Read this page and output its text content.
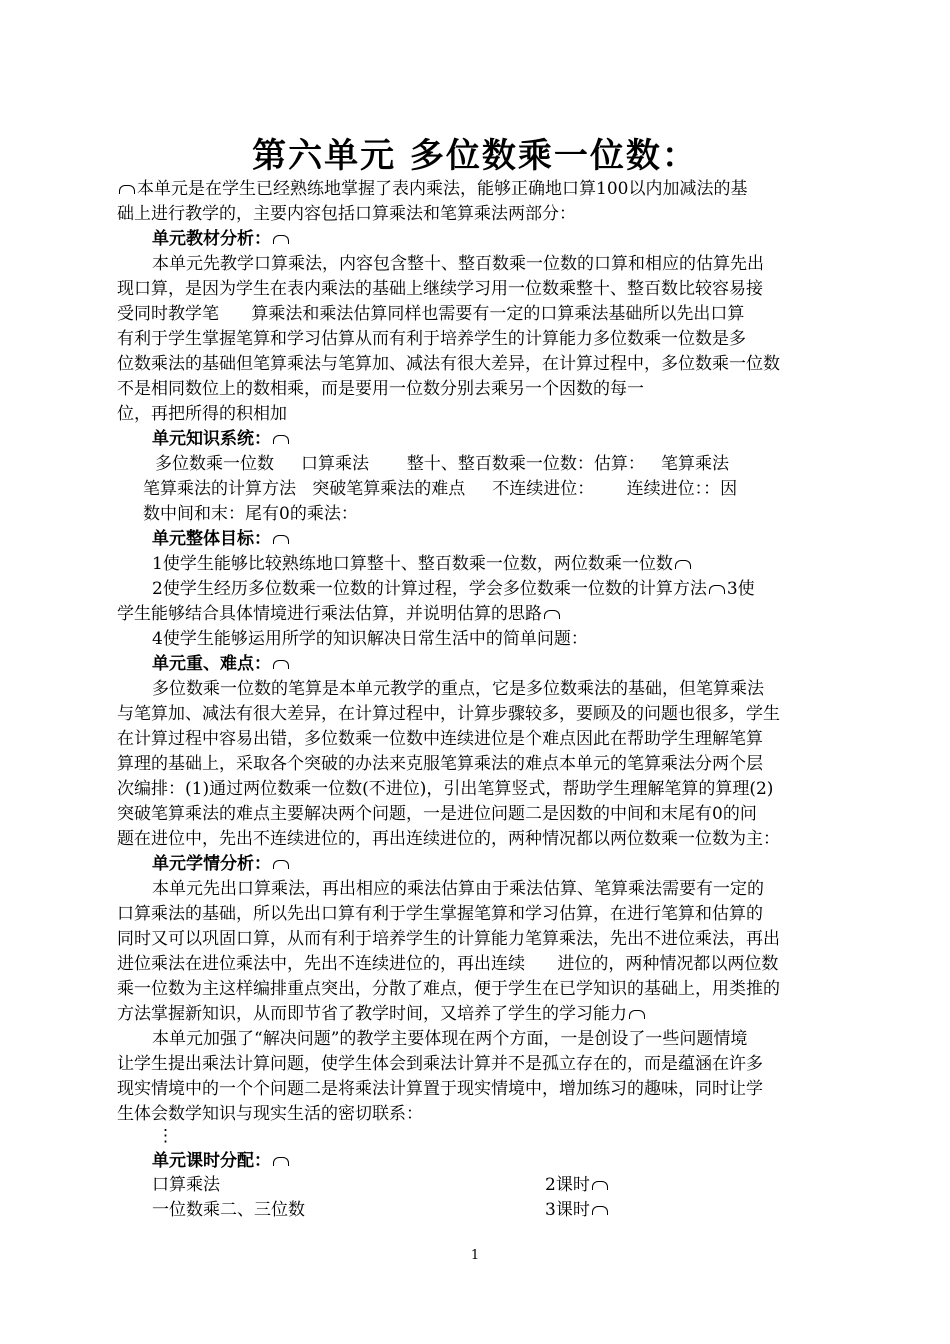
第六单元 多位数乘一位数：
本单元是在学生已经熟练地掌握了表内乘法，能够正确地口算100以内加减法的基
础上进行教学的，主要内容包括口算乘法和笔算乘法两部分：
单元教材分析：
本单元先教学口算乘法，内容包含整十、整百数乘一位数的口算和相应的估算先出
现口算，是因为学生在表内乘法的基础上继续学习用一位数乘整十、整百数比较容易接
受同时教学笔      算乘法和乘法估算同样也需要有一定的口算乘法基础所以先出口算
有利于学生掌握笔算和学习估算从而有利于培养学生的计算能力多位数乘一位数是多
位数乘法的基础但笔算乘法与笔算加、减法有很大差异，在计算过程中，多位数乘一位数
不是相同数位上的数相乘，而是要用一位数分别去乘另一个因数的每一
位，再把所得的积相加
单元知识系统：
多位数乘一位数     口算乘法       整十、整百数乘一位数：估算：   笔算乘法
笔算乘法的计算方法   突破笔算乘法的难点     不连续进位：      连续进位：：因
数中间和末：尾有0的乘法：
单元整体目标：
1使学生能够比较熟练地口算整十、整百数乘一位数，两位数乘一位数
2使学生经历多位数乘一位数的计算过程，学会多位数乘一位数的计算方法 3使
学生能够结合具体情境进行乘法估算，并说明估算的思路
4使学生能够运用所学的知识解决日常生活中的简单问题：
单元重、难点：
多位数乘一位数的笔算是本单元教学的重点，它是多位数乘法的基础，但笔算乘法
与笔算加、减法有很大差异，在计算过程中，计算步骤较多，要顾及的问题也很多，学生
在计算过程中容易出错，多位数乘一位数中连续进位是个难点因此在帮助学生理解笔算
算理的基础上，采取各个突破的办法来克服笔算乘法的难点本单元的笔算乘法分两个层
次编排：(1)通过两位数乘一位数(不进位)，引出笔算竖式，帮助学生理解笔算的算理(2)
突破笔算乘法的难点主要解决两个问题，一是进位问题二是因数的中间和末尾有0的问
题在进位中，先出不连续进位的，再出连续进位的，两种情况都以两位数乘一位数为主：
单元学情分析：
本单元先出口算乘法，再出相应的乘法估算由于乘法估算、笔算乘法需要有一定的
口算乘法的基础，所以先出口算有利于学生掌握笔算和学习估算，在进行笔算和估算的
同时又可以巩固口算，从而有利于培养学生的计算能力笔算乘法，先出不进位乘法，再出
进位乘法在进位乘法中，先出不连续进位的，再出连续      进位的，两种情况都以两位数
乘一位数为主这样编排重点突出，分散了难点，便于学生在已学知识的基础上，用类推的
方法掌握新知识，从而即节省了教学时间，又培养了学生的学习能力
本单元加强了“解决问题”的教学主要体现在两个方面，一是创设了一些问题情境
让学生提出乘法计算问题，使学生体会到乘法计算并不是孤立存在的，而是蕴涵在许多
现实情境中的一个个问题二是将乘法计算置于现实情境中，增加练习的趣味，同时让学
生体会数学知识与现实生活的密切联系：
⋮
单元课时分配：
口算乘法	2课时
一位数乘二、三位数	3课时
1
